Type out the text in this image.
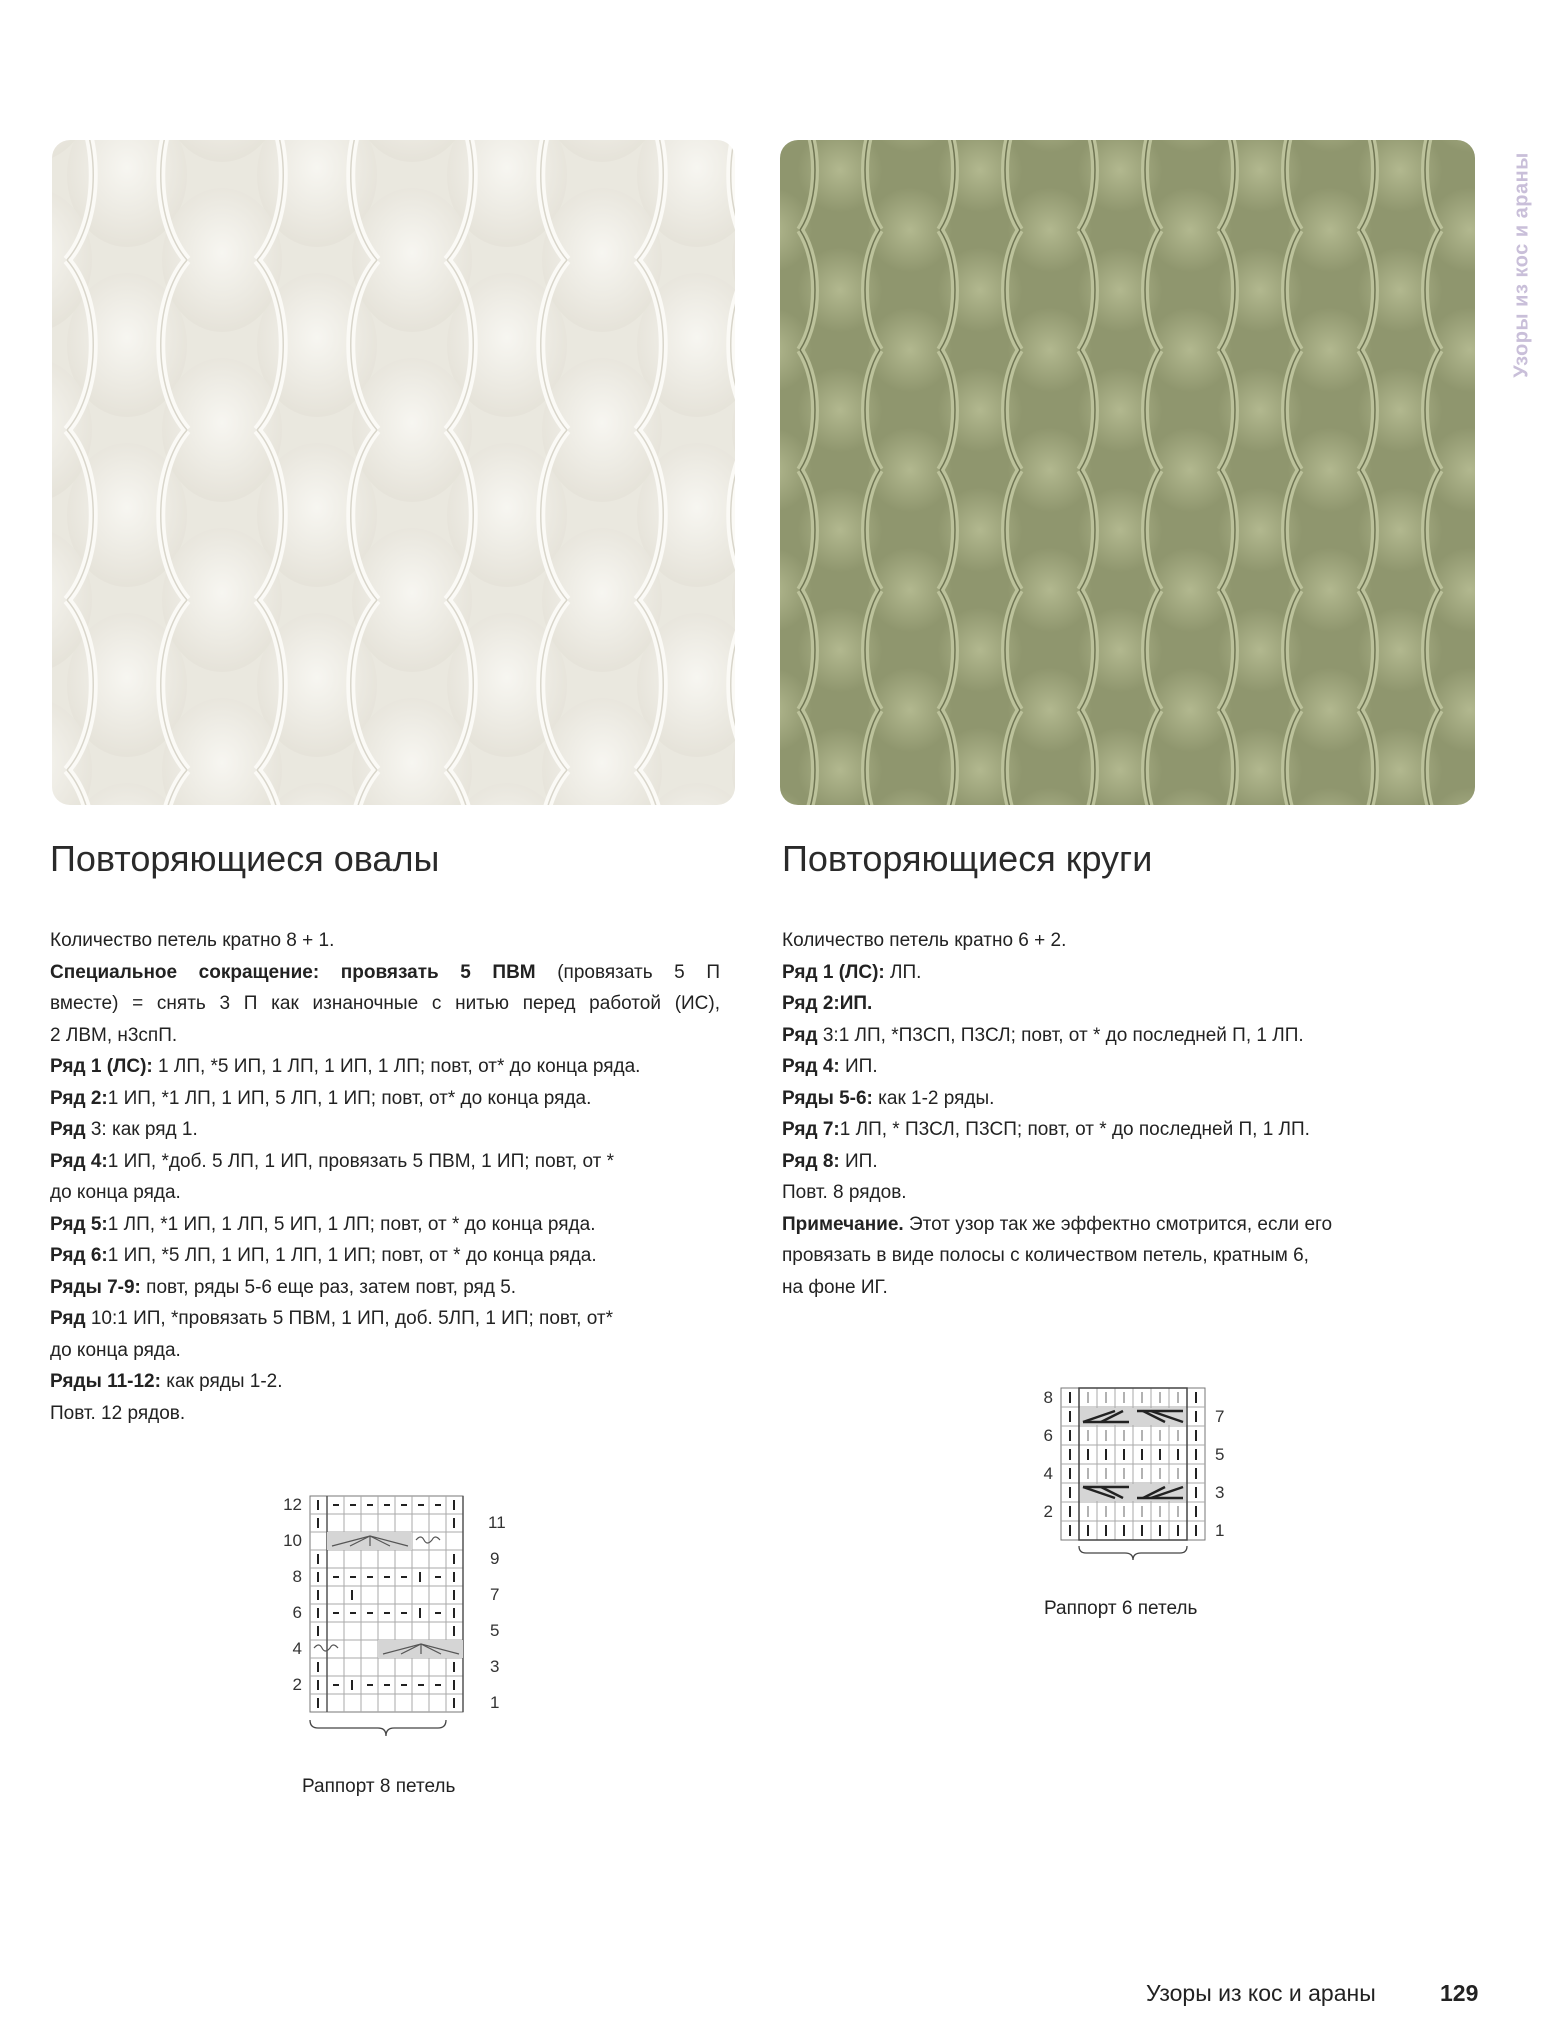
Узоры из кос и араны
Повторяющиеся овалы	Повторяющиеся круги
Количество петель кратно 8 + 1.
Специальное сокращение: провязать 5 ПВМ (провязать 5 П
вместе) = снять 3 П как изнаночные с нитью перед работой (ИС),
2 ЛВМ, н3спП.
Ряд 1 (ЛС): 1 ЛП, *5 ИП, 1 ЛП, 1 ИП, 1 ЛП; повт, от* до конца ряда.
Ряд 2:1 ИП, *1 ЛП, 1 ИП, 5 ЛП, 1 ИП; повт, от* до конца ряда.
Ряд 3: как ряд 1.
Ряд 4:1 ИП, *доб. 5 ЛП, 1 ИП, провязать 5 ПВМ, 1 ИП; повт, от *
до конца ряда.
Ряд 5:1 ЛП, *1 ИП, 1 ЛП, 5 ИП, 1 ЛП; повт, от * до конца ряда.
Ряд 6:1 ИП, *5 ЛП, 1 ИП, 1 ЛП, 1 ИП; повт, от * до конца ряда.
Ряды 7-9: повт, ряды 5-6 еще раз, затем повт, ряд 5.
Ряд 10:1 ИП, *провязать 5 ПВМ, 1 ИП, доб. 5ЛП, 1 ИП; повт, от*
до конца ряда.
Ряды 11-12: как ряды 1-2.
Повт. 12 рядов.
Количество петель кратно 6 + 2.
Ряд 1 (ЛС): ЛП.
Ряд 2:ИП.
Ряд 3:1 ЛП, *П3СП, П3СЛ; повт, от * до последней П, 1 ЛП.
Ряд 4: ИП.
Ряды 5-6: как 1-2 ряды.
Ряд 7:1 ЛП, * П3СЛ, П3СП; повт, от * до последней П, 1 ЛП.
Ряд 8: ИП.
Повт. 8 рядов.
Примечание. Этот узор так же эффектно смотрится, если его
провязать в виде полосы с количеством петель, кратным 6,
на фоне ИГ.
12
10
8
6
4
2
11
9
7
5
3
1
Раппорт 8 петель
8
6
4
2
7
5
3
1
Раппорт 6 петель
Узоры из кос и араны	129
